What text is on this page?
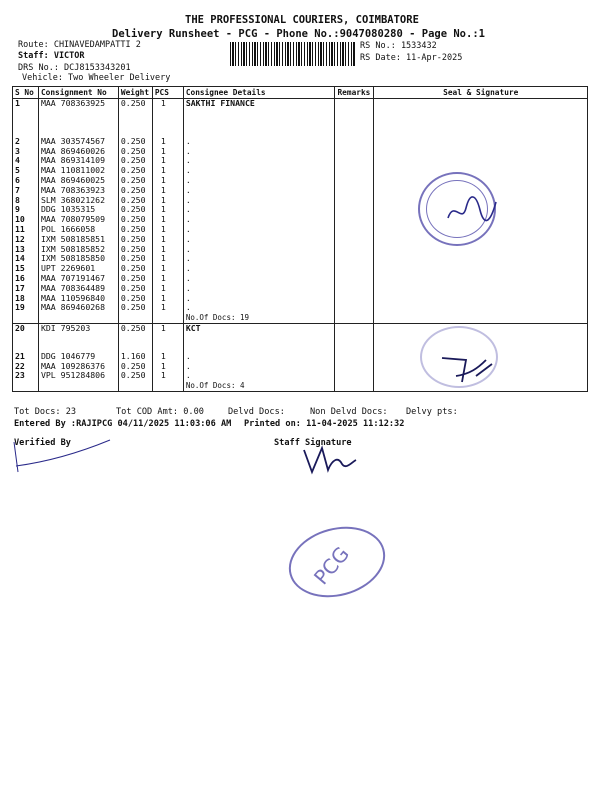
THE PROFESSIONAL COURIERS, COIMBATORE
Delivery Runsheet - PCG - Phone No.:9047080280 - Page No.:1
Route: CHINAVEDAMPATTI 2
Staff: VICTOR
DRS No.: DCJ8153343201
Vehicle: Two Wheeler Delivery
RS No.: 1533432
RS Date: 11-Apr-2025
S No	Consignment No	Weight	PCS	Consignee Details	Remarks	Seal & Signature
1	MAA 708363925	0.250	1	SAKTHI FINANCE		

2	MAA 303574567	0.250	1	.		
3	MAA 869460026	0.250	1	.		
4	MAA 869314109	0.250	1	.		
5	MAA 110811002	0.250	1	.		
6	MAA 869460025	0.250	1	.		
7	MAA 708363923	0.250	1	.		
8	SLM 368021262	0.250	1	.		
9	DDG 1035315	0.250	1	.		
10	MAA 708079509	0.250	1	.		
11	POL 1666058	0.250	1	.		
12	IXM 508185851	0.250	1	.		
13	IXM 508185852	0.250	1	.		
14	IXM 508185850	0.250	1	.		
15	UPT 2269601	0.250	1	.		
16	MAA 707191467	0.250	1	.		
17	MAA 708364489	0.250	1	.		
18	MAA 110596840	0.250	1	.		
19	MAA 869460268	0.250	1	.		
				No.Of Docs: 19		
20	KDI 795203	0.250	1	KCT		

21	DDG 1046779	1.160	1	.		
22	MAA 109286376	0.250	1	.		
23	VPL 951284806	0.250	1	.		
				No.Of Docs: 4		
Tot Docs: 23	Tot COD Amt: 0.00	Delvd Docs:	Non Delvd Docs: Delvy pts:
Entered By :RAJIPCG 04/11/2025 11:03:06 AM Printed on: 11-04-2025 11:12:32
Verified By	Staff Signature
PCG
